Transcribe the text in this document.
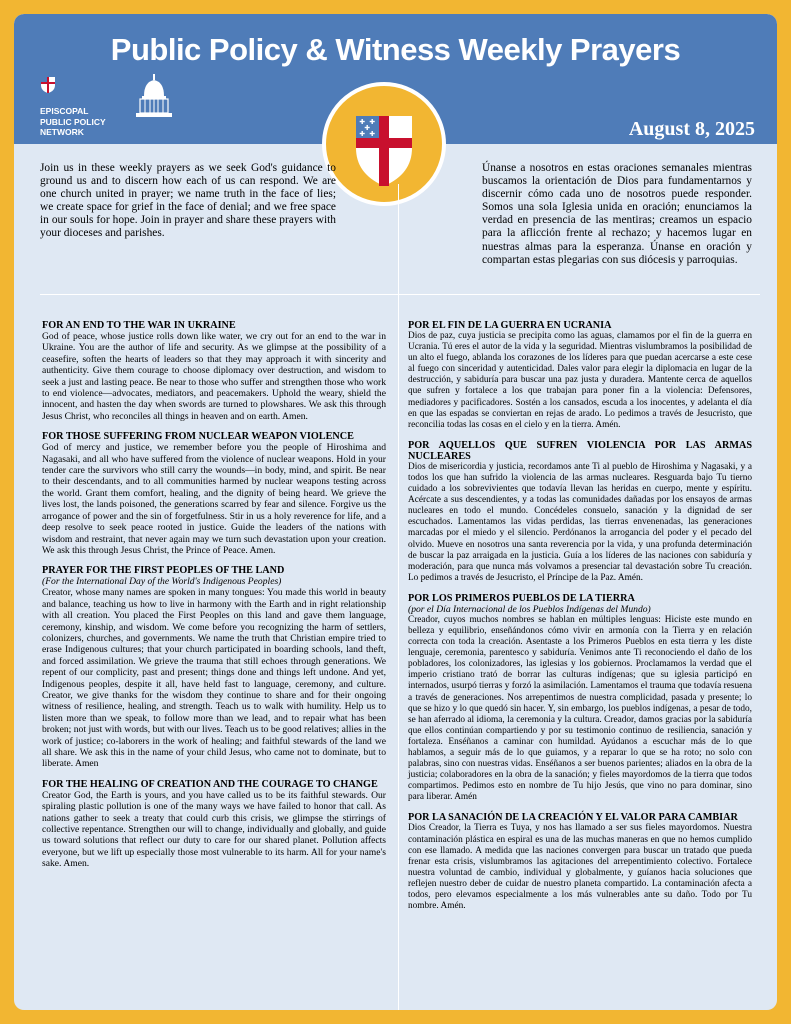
Public Policy & Witness Weekly Prayers
EPISCOPAL
PUBLIC POLICY
NETWORK	August 8, 2025

Join us in these weekly prayers as we seek God's guidance to ground us and to discern how each of us can respond. We are one church united in prayer; we name truth in the face of lies; we create space for grief in the face of denial; and we free space in our souls for hope. Join in prayer and share these prayers with your dioceses and parishes.

Únanse a nosotros en estas oraciones semanales mientras buscamos la orientación de Dios para fundamentarnos y discernir cómo cada uno de nosotros puede responder. Somos una sola Iglesia unida en oración; enunciamos la verdad en presencia de las mentiras; creamos un espacio para la aflicción frente al rechazo; y hacemos lugar en nuestras almas para la esperanza. Únanse en oración y compartan estas plegarias con sus diócesis y parroquias.

FOR AN END TO THE WAR IN UKRAINE

God of peace, whose justice rolls down like water, we cry out for an end to the war in Ukraine. You are the author of life and security. As we glimpse at the possibility of a ceasefire, soften the hearts of leaders so that they may approach it with sincerity and authenticity. Give them courage to choose diplomacy over destruction, and wisdom to seek a just and lasting peace. Be near to those who suffer and strengthen those who work to end violence—advocates, mediators, and peacemakers. Uphold the weary, shield the innocent, and hasten the day when swords are turned to plowshares. We ask this through Jesus Christ, who reconciles all things in heaven and on earth. Amen.

FOR THOSE SUFFERING FROM NUCLEAR WEAPON VIOLENCE

God of mercy and justice, we remember before you the people of Hiroshima and Nagasaki, and all who have suffered from the violence of nuclear weapons. Hold in your tender care the survivors who still carry the wounds—in body, mind, and spirit. Be near to their descendants, and to all communities harmed by nuclear weapons testing across the world. Grant them comfort, healing, and the dignity of being heard. We grieve the lives lost, the lands poisoned, the generations scarred by fear and silence. Forgive us the arrogance of power and the sin of forgetfulness. Stir in us a holy reverence for life, and a deep resolve to seek peace rooted in justice. Guide the leaders of the nations with wisdom and restraint, that never again may we turn such devastation upon your creation. We ask this through Jesus Christ, the Prince of Peace. Amen.

PRAYER FOR THE FIRST PEOPLES OF THE LAND
(For the International Day of the World's Indigenous Peoples)

Creator, whose many names are spoken in many tongues: You made this world in beauty and balance, teaching us how to live in harmony with the Earth and in right relationship with all creation. You placed the First Peoples on this land and gave them language, ceremony, kinship, and wisdom. We come before you recognizing the harm of settlers, colonizers, churches, and governments. We name the truth that Christian empire tried to erase Indigenous cultures; that your church participated in boarding schools, land theft, and forced assimilation. We grieve the trauma that still echoes through generations. We repent of our complicity, past and present; things done and things left undone. And yet, Indigenous peoples, despite it all, have held fast to language, ceremony, and culture. Creator, we give thanks for the wisdom they continue to share and for their ongoing witness of resilience, healing, and strength. Teach us to walk with humility. Help us to listen more than we speak, to follow more than we lead, and to repair what has been broken; not just with words, but with our lives. Teach us to be good relatives; allies in the work of justice; co-laborers in the work of healing; and faithful stewards of the land we all share. We ask this in the name of your child Jesus, who came not to dominate, but to liberate. Amen

FOR THE HEALING OF CREATION AND THE COURAGE TO CHANGE

Creator God, the Earth is yours, and you have called us to be its faithful stewards. Our spiraling plastic pollution is one of the many ways we have failed to honor that call. As nations gather to seek a treaty that could curb this crisis, we glimpse the stirrings of collective repentance. Strengthen our will to change, individually and globally, and guide us toward solutions that reflect our duty to care for our shared planet. Pollution affects everyone, but we lift up especially those most vulnerable to its harm. All for your name's sake. Amen.

POR EL FIN DE LA GUERRA EN UCRANIA

Dios de paz, cuya justicia se precipita como las aguas, clamamos por el fin de la guerra en Ucrania. Tú eres el autor de la vida y la seguridad. Mientras vislumbramos la posibilidad de un alto el fuego, ablanda los corazones de los líderes para que puedan acercarse a este cese al fuego con sinceridad y autenticidad. Dales valor para elegir la diplomacia en lugar de la destrucción, y sabiduría para buscar una paz justa y duradera. Mantente cerca de aquellos que sufren y fortalece a los que trabajan para poner fin a la violencia: Defensores, mediadores y pacificadores. Sostén a los cansados, escuda a los inocentes, y adelanta el día en que las espadas se conviertan en rejas de arado. Lo pedimos a través de Jesucristo, que reconcilia todas las cosas en el cielo y en la tierra. Amén.

POR AQUELLOS QUE SUFREN VIOLENCIA POR LAS ARMAS NUCLEARES

Dios de misericordia y justicia, recordamos ante Ti al pueblo de Hiroshima y Nagasaki, y a todos los que han sufrido la violencia de las armas nucleares. Resguarda bajo Tu tierno cuidado a los sobrevivientes que todavía llevan las heridas en cuerpo, mente y espíritu. Acércate a sus descendientes, y a todas las comunidades dañadas por los ensayos de armas nucleares en todo el mundo. Concédeles consuelo, sanación y la dignidad de ser escuchados. Lamentamos las vidas perdidas, las tierras envenenadas, las generaciones marcadas por el miedo y el silencio. Perdónanos la arrogancia del poder y el pecado del olvido. Mueve en nosotros una santa reverencia por la vida, y una profunda determinación de buscar la paz arraigada en la justicia. Guía a los líderes de las naciones con sabiduría y moderación, para que nunca más volvamos a presenciar tal devastación sobre Tu creación. Lo pedimos a través de Jesucristo, el Príncipe de la Paz. Amén.

POR LOS PRIMEROS PUEBLOS DE LA TIERRA
(por el Día Internacional de los Pueblos Indígenas del Mundo)

Creador, cuyos muchos nombres se hablan en múltiples lenguas: Hiciste este mundo en belleza y equilibrio, enseñándonos cómo vivir en armonía con la Tierra y en relación correcta con toda la creación. Asentaste a los Primeros Pueblos en esta tierra y les diste lenguaje, ceremonia, parentesco y sabiduría. Venimos ante Ti reconociendo el daño de los pobladores, los colonizadores, las iglesias y los gobiernos. Proclamamos la verdad que el imperio cristiano trató de borrar las culturas indígenas; que su iglesia participó en internados, usurpó tierras y forzó la asimilación. Lamentamos el trauma que todavía resuena a través de generaciones. Nos arrepentimos de nuestra complicidad, pasada y presente; lo que se hizo y lo que quedó sin hacer. Y, sin embargo, los pueblos indígenas, a pesar de todo, se han aferrado al idioma, la ceremonia y la cultura. Creador, damos gracias por la sabiduría que ellos continúan compartiendo y por su testimonio continuo de resiliencia, sanación y fortaleza. Enséñanos a caminar con humildad. Ayúdanos a escuchar más de lo que hablamos, a seguir más de lo que guiamos, y a reparar lo que se ha roto; no solo con palabras, sino con nuestras vidas. Enséñanos a ser buenos parientes; aliados en la obra de la justicia; colaboradores en la obra de la sanación; y fieles mayordomos de la tierra que todos compartimos. Pedimos esto en nombre de Tu hijo Jesús, que vino no para dominar, sino para liberar. Amén

POR LA SANACIÓN DE LA CREACIÓN Y EL VALOR PARA CAMBIAR

Dios Creador, la Tierra es Tuya, y nos has llamado a ser sus fieles mayordomos. Nuestra contaminación plástica en espiral es una de las muchas maneras en que no hemos cumplido con ese llamado. A medida que las naciones convergen para buscar un tratado que pueda frenar esta crisis, vislumbramos las agitaciones del arrepentimiento colectivo. Fortalece nuestra voluntad de cambio, individual y globalmente, y guíanos hacia soluciones que reflejen nuestro deber de cuidar de nuestro planeta compartido. La contaminación afecta a todos, pero elevamos especialmente a los más vulnerables ante su daño. Todo por Tu nombre. Amén.
